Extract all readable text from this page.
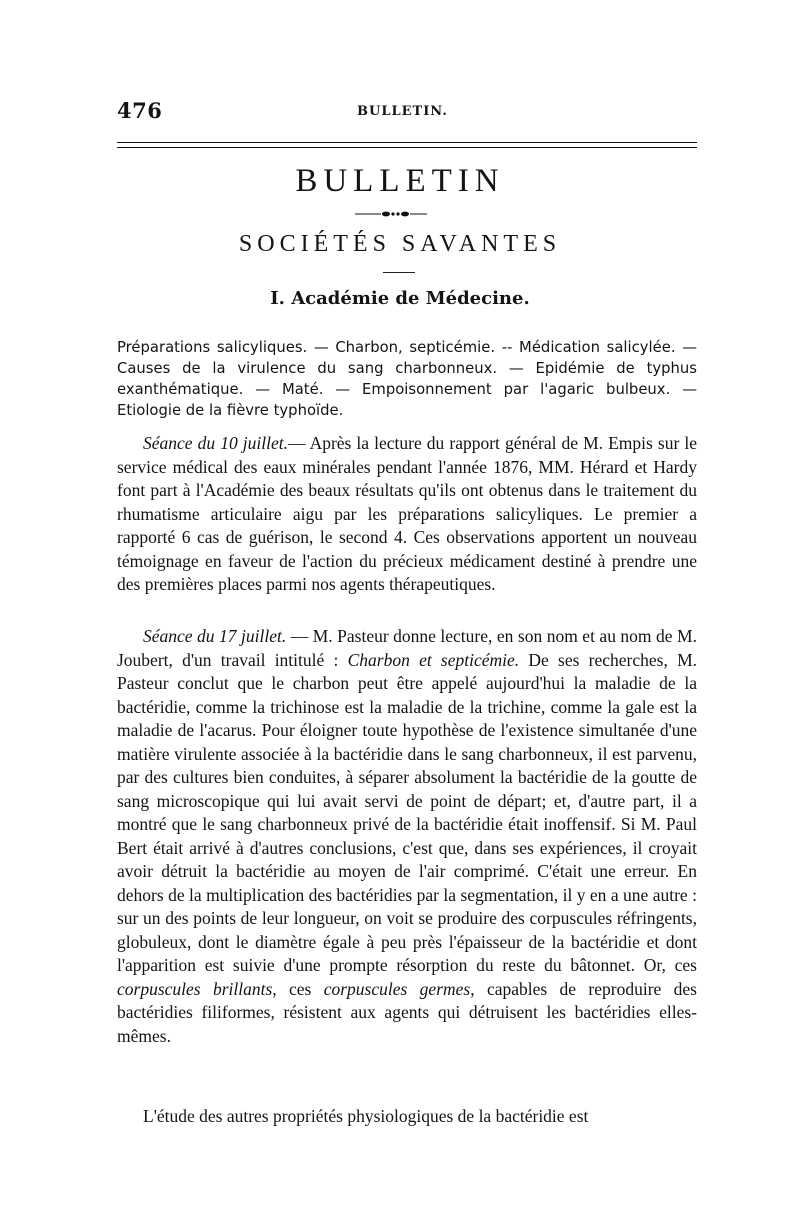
476	BULLETIN.
BULLETIN
SOCIÉTÉS SAVANTES
I. Académie de Médecine.

Préparations salicyliques. — Charbon, septicémie. -- Médication salicylée. — Causes de la virulence du sang charbonneux. — Epidémie de typhus exanthématique. — Maté. — Empoisonnement par l'agaric bulbeux. — Etiologie de la fièvre typhoïde.

Séance du 10 juillet.— Après la lecture du rapport général de M. Empis sur le service médical des eaux minérales pendant l'année 1876, MM. Hérard et Hardy font part à l'Académie des beaux résultats qu'ils ont obtenus dans le traitement du rhumatisme articulaire aigu par les préparations salicyliques. Le premier a rapporté 6 cas de guérison, le second 4. Ces observations apportent un nouveau témoignage en faveur de l'action du précieux médicament destiné à prendre une des premières places parmi nos agents thérapeutiques.

Séance du 17 juillet. — M. Pasteur donne lecture, en son nom et au nom de M. Joubert, d'un travail intitulé : Charbon et septicémie. De ses recherches, M. Pasteur conclut que le charbon peut être appelé aujourd'hui la maladie de la bactéridie, comme la trichinose est la maladie de la trichine, comme la gale est la maladie de l'acarus. Pour éloigner toute hypothèse de l'existence simultanée d'une matière virulente associée à la bactéridie dans le sang charbonneux, il est parvenu, par des cultures bien conduites, à séparer absolument la bactéridie de la goutte de sang microscopique qui lui avait servi de point de départ; et, d'autre part, il a montré que le sang charbonneux privé de la bactéridie était inoffensif. Si M. Paul Bert était arrivé à d'autres conclusions, c'est que, dans ses expériences, il croyait avoir détruit la bactéridie au moyen de l'air comprimé. C'était une erreur. En dehors de la multiplication des bactéridies par la segmentation, il y en a une autre : sur un des points de leur longueur, on voit se produire des corpuscules réfringents, globuleux, dont le diamètre égale à peu près l'épaisseur de la bactéridie et dont l'apparition est suivie d'une prompte résorption du reste du bâtonnet. Or, ces corpuscules brillants, ces corpuscules germes, capables de reproduire des bactéridies filiformes, résistent aux agents qui détruisent les bactéridies elles-mêmes.

L'étude des autres propriétés physiologiques de la bactéridie est
